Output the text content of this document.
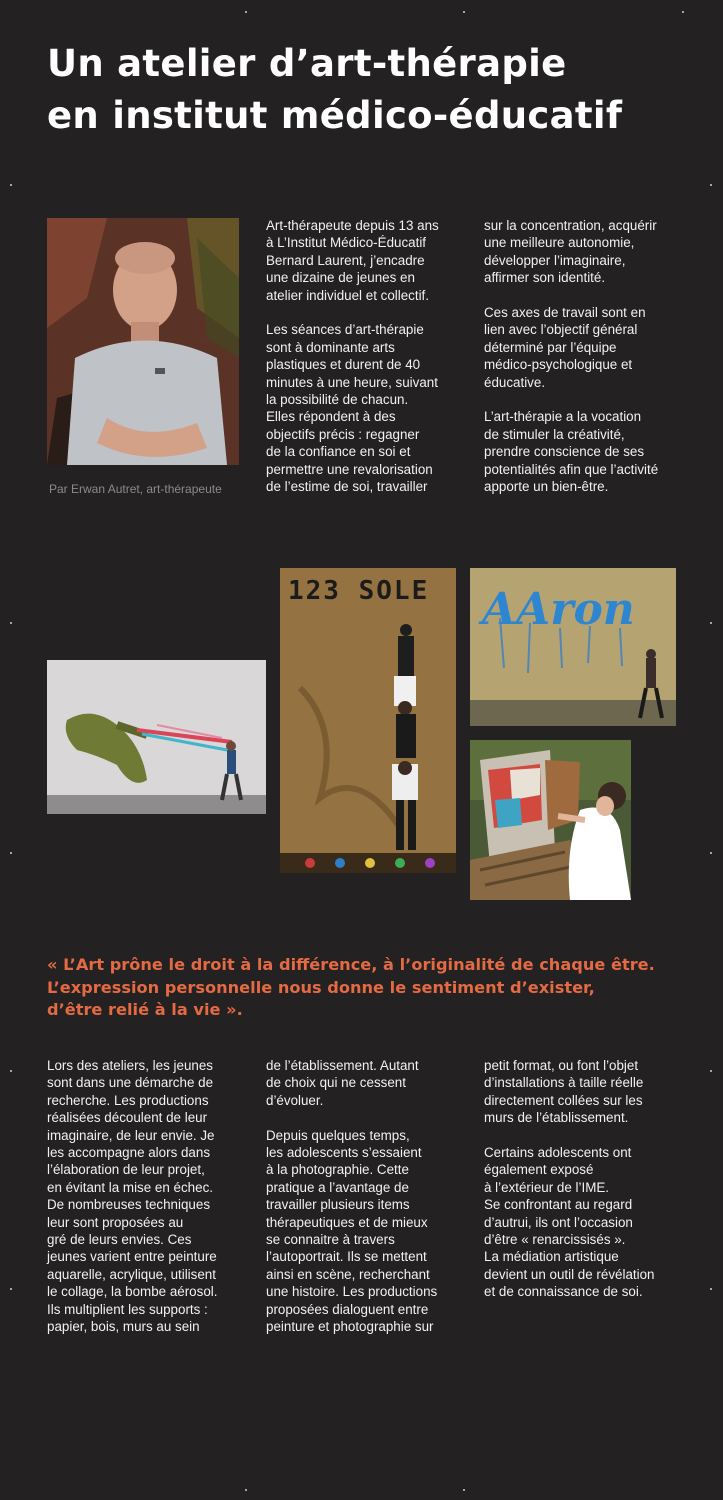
Un atelier d’art-thérapie
en institut médico-éducatif
Par Erwan Autret, art-thérapeute

Art-thérapeute depuis 13 ans
à L’Institut Médico-Éducatif
Bernard Laurent, j’encadre
une dizaine de jeunes en
atelier individuel et collectif.

Les séances d’art-thérapie
sont à dominante arts
plastiques et durent de 40
minutes à une heure, suivant
la possibilité de chacun.
Elles répondent à des
objectifs précis : regagner
de la confiance en soi et
permettre une revalorisation
de l’estime de soi, travailler

sur la concentration, acquérir
une meilleure autonomie,
développer l’imaginaire,
affirmer son identité.

Ces axes de travail sont en
lien avec l’objectif général
déterminé par l’équipe
médico-psychologique et
éducative.

L’art-thérapie a la vocation
de stimuler la créativité,
prendre conscience de ses
potentialités afin que l’activité
apporte un bien-être.

123 SOLE AAron

« L’Art prône le droit à la différence, à l’originalité de chaque être.
L’expression personnelle nous donne le sentiment d’exister,
d’être relié à la vie ».

Lors des ateliers, les jeunes
sont dans une démarche de
recherche. Les productions
réalisées découlent de leur
imaginaire, de leur envie. Je
les accompagne alors dans
l’élaboration de leur projet,
en évitant la mise en échec.
De nombreuses techniques
leur sont proposées au
gré de leurs envies. Ces
jeunes varient entre peinture
aquarelle, acrylique, utilisent
le collage, la bombe aérosol.
Ils multiplient les supports :
papier, bois, murs au sein

de l’établissement. Autant
de choix qui ne cessent
d’évoluer.

Depuis quelques temps,
les adolescents s’essaient
à la photographie. Cette
pratique a l’avantage de
travailler plusieurs items
thérapeutiques et de mieux
se connaitre à travers
l’autoportrait. Ils se mettent
ainsi en scène, recherchant
une histoire. Les productions
proposées dialoguent entre
peinture et photographie sur

petit format, ou font l’objet
d’installations à taille réelle
directement collées sur les
murs de l’établissement.

Certains adolescents ont
également exposé
à l’extérieur de l’IME.
Se confrontant au regard
d’autrui, ils ont l’occasion
d’être « renarcissisés ».
La médiation artistique
devient un outil de révélation
et de connaissance de soi.
